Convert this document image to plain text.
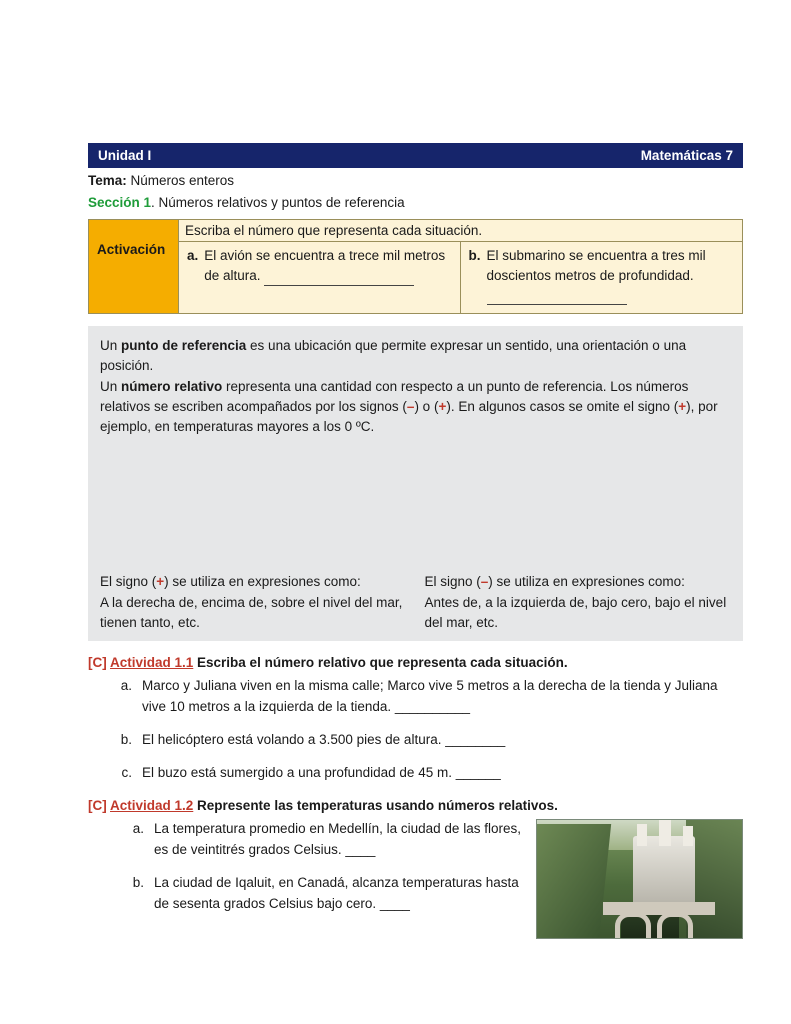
Unidad I	Matemáticas 7
Tema: Números enteros
Sección 1. Números relativos y puntos de referencia
Activación
Escriba el número que representa cada situación.
a. El avión se encuentra a trece mil metros de altura.
b. El submarino se encuentra a tres mil doscientos metros de profundidad.

Un punto de referencia es una ubicación que permite expresar un sentido, una orientación o una posición.

Un número relativo representa una cantidad con respecto a un punto de referencia. Los números relativos se escriben acompañados por los signos (–) o (+). En algunos casos se omite el signo (+), por ejemplo, en temperaturas mayores a los 0 ºC.

El signo (+) se utiliza en expresiones como:
A la derecha de, encima de, sobre el nivel del mar, tienen tanto, etc.
El signo (–) se utiliza en expresiones como:
Antes de, a la izquierda de, bajo cero, bajo el nivel del mar, etc.
[C] Actividad 1.1 Escriba el número relativo que representa cada situación.
a. Marco y Juliana viven en la misma calle; Marco vive 5 metros a la derecha de la tienda y Juliana vive 10 metros a la izquierda de la tienda. __________
b. El helicóptero está volando a 3.500 pies de altura. ________
c. El buzo está sumergido a una profundidad de 45 m. ______
[C] Actividad 1.2 Represente las temperaturas usando números relativos.
a. La temperatura promedio en Medellín, la ciudad de las flores, es de veintitrés grados Celsius. ____
b. La ciudad de Iqaluit, en Canadá, alcanza temperaturas hasta de sesenta grados Celsius bajo cero. ____
